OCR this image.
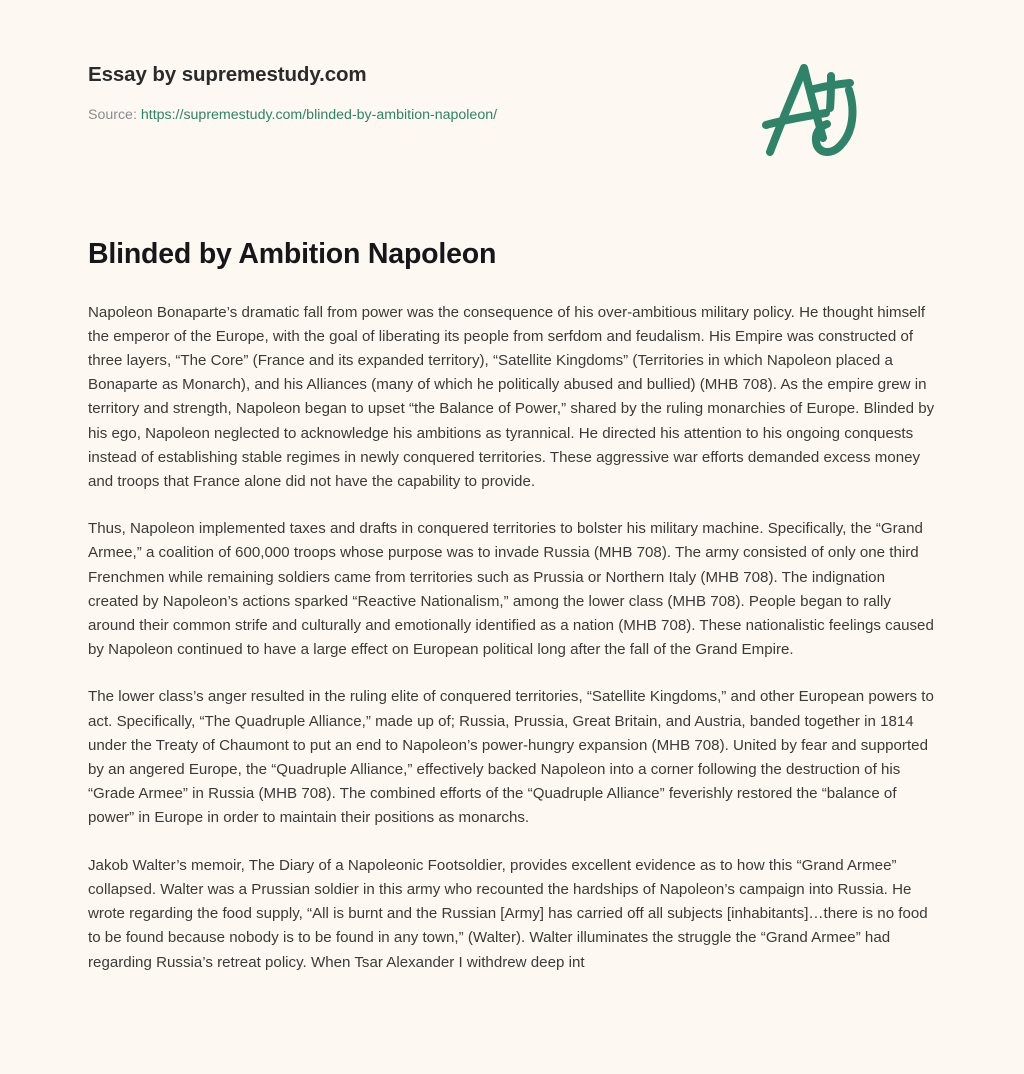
Essay by supremestudy.com
Source: https://supremestudy.com/blinded-by-ambition-napoleon/
Blinded by Ambition Napoleon

Napoleon Bonaparte’s dramatic fall from power was the consequence of his over-ambitious military policy. He thought himself the emperor of the Europe, with the goal of liberating its people from serfdom and feudalism. His Empire was constructed of three layers, “The Core” (France and its expanded territory), “Satellite Kingdoms” (Territories in which Napoleon placed a Bonaparte as Monarch), and his Alliances (many of which he politically abused and bullied) (MHB 708). As the empire grew in territory and strength, Napoleon began to upset “the Balance of Power,” shared by the ruling monarchies of Europe. Blinded by his ego, Napoleon neglected to acknowledge his ambitions as tyrannical. He directed his attention to his ongoing conquests instead of establishing stable regimes in newly conquered territories. These aggressive war efforts demanded excess money and troops that France alone did not have the capability to provide.

Thus, Napoleon implemented taxes and drafts in conquered territories to bolster his military machine. Specifically, the “Grand Armee,” a coalition of 600,000 troops whose purpose was to invade Russia (MHB 708). The army consisted of only one third Frenchmen while remaining soldiers came from territories such as Prussia or Northern Italy (MHB 708). The indignation created by Napoleon’s actions sparked “Reactive Nationalism,” among the lower class (MHB 708). People began to rally around their common strife and culturally and emotionally identified as a nation (MHB 708). These nationalistic feelings caused by Napoleon continued to have a large effect on European political long after the fall of the Grand Empire.

The lower class’s anger resulted in the ruling elite of conquered territories, “Satellite Kingdoms,” and other European powers to act. Specifically, “The Quadruple Alliance,” made up of; Russia, Prussia, Great Britain, and Austria, banded together in 1814 under the Treaty of Chaumont to put an end to Napoleon’s power-hungry expansion (MHB 708). United by fear and supported by an angered Europe, the “Quadruple Alliance,” effectively backed Napoleon into a corner following the destruction of his “Grade Armee” in Russia (MHB 708). The combined efforts of the “Quadruple Alliance” feverishly restored the “balance of power” in Europe in order to maintain their positions as monarchs.

Jakob Walter’s memoir, The Diary of a Napoleonic Footsoldier, provides excellent evidence as to how this “Grand Armee” collapsed. Walter was a Prussian soldier in this army who recounted the hardships of Napoleon’s campaign into Russia. He wrote regarding the food supply, “All is burnt and the Russian [Army] has carried off all subjects [inhabitants]…there is no food to be found because nobody is to be found in any town,” (Walter). Walter illuminates the struggle the “Grand Armee” had regarding Russia’s retreat policy. When Tsar Alexander I withdrew deep int
